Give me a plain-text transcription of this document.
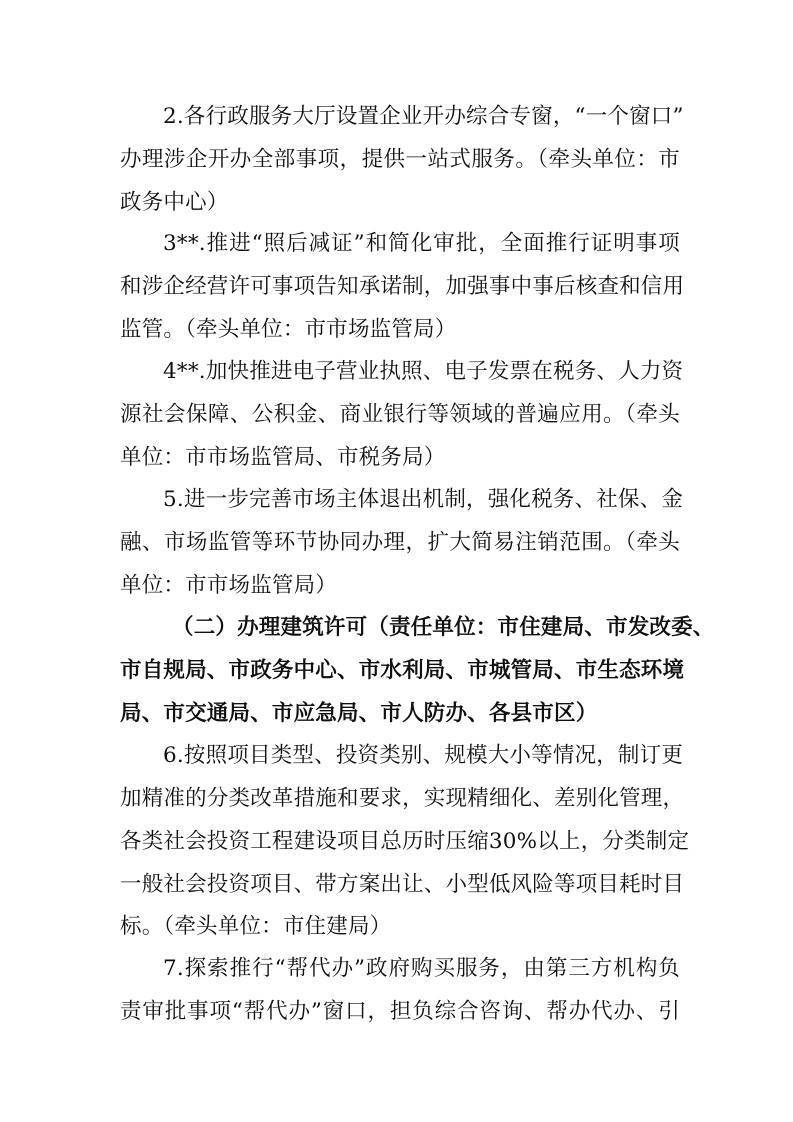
2.各行政服务大厅设置企业开办综合专窗，“一个窗口”
办理涉企开办全部事项，提供一站式服务。（牵头单位：市
政务中心）
3**.推进“照后减证”和简化审批，全面推行证明事项
和涉企经营许可事项告知承诺制，加强事中事后核查和信用
监管。（牵头单位：市市场监管局）
4**.加快推进电子营业执照、电子发票在税务、人力资
源社会保障、公积金、商业银行等领域的普遍应用。（牵头
单位：市市场监管局、市税务局）
5.进一步完善市场主体退出机制，强化税务、社保、金
融、市场监管等环节协同办理，扩大简易注销范围。（牵头
单位：市市场监管局）
（二）办理建筑许可（责任单位：市住建局、市发改委、
市自规局、市政务中心、市水利局、市城管局、市生态环境
局、市交通局、市应急局、市人防办、各县市区）
6.按照项目类型、投资类别、规模大小等情况，制订更
加精准的分类改革措施和要求，实现精细化、差别化管理，
各类社会投资工程建设项目总历时压缩30%以上，分类制定
一般社会投资项目、带方案出让、小型低风险等项目耗时目
标。（牵头单位：市住建局）
7.探索推行“帮代办”政府购买服务，由第三方机构负
责审批事项“帮代办”窗口，担负综合咨询、帮办代办、引
